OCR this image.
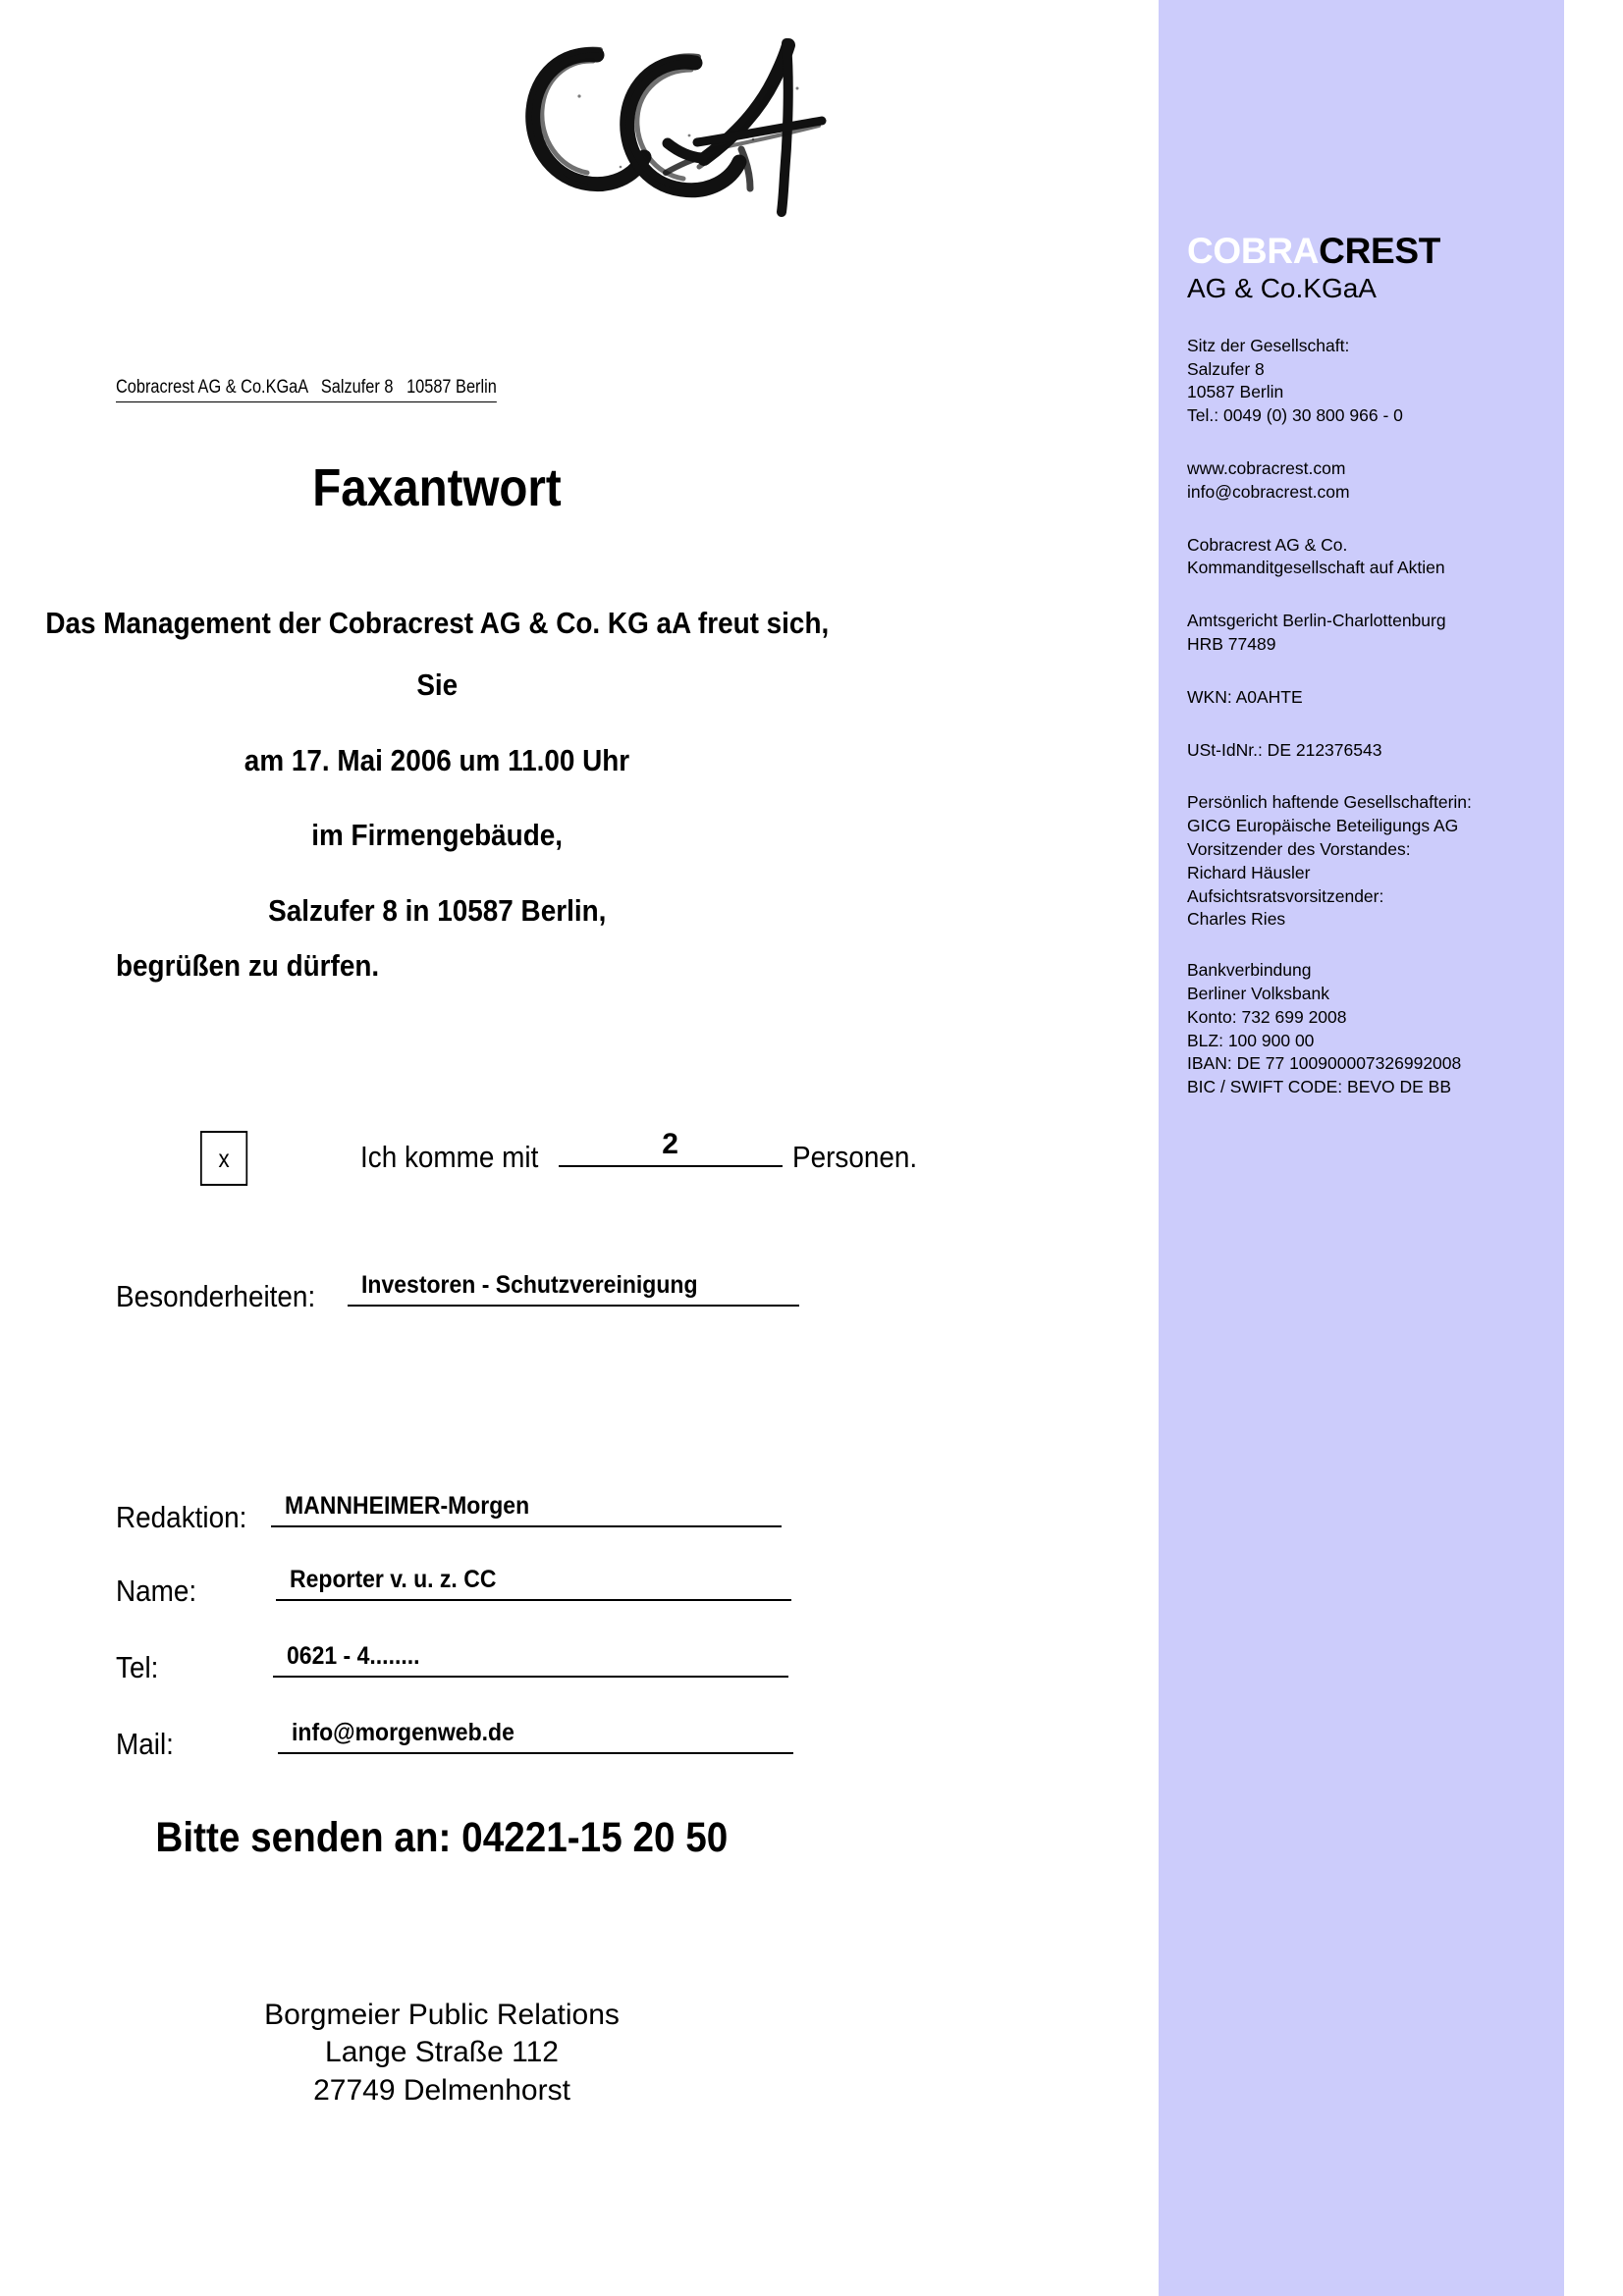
COBRACREST
AG & Co.KGaA
Sitz der Gesellschaft:
Salzufer 8
10587 Berlin
Tel.: 0049 (0) 30 800 966 - 0
www.cobracrest.com
info@cobracrest.com
Cobracrest AG & Co.
Kommanditgesellschaft auf Aktien
Amtsgericht Berlin-Charlottenburg
HRB 77489
WKN: A0AHTE
USt-IdNr.: DE 212376543
Persönlich haftende Gesellschafterin:
GICG Europäische Beteiligungs AG
Vorsitzender des Vorstandes:
Richard Häusler
Aufsichtsratsvorsitzender:
Charles Ries
Bankverbindung
Berliner Volksbank
Konto: 732 699 2008
BLZ: 100 900 00
IBAN: DE 77 100900007326992008
BIC / SWIFT CODE: BEVO DE BB
Cobracrest AG & Co.KGaA   Salzufer 8   10587 Berlin
Faxantwort
Das Management der Cobracrest AG & Co. KG aA freut sich,
Sie
am 17. Mai 2006 um 11.00 Uhr
im Firmengebäude,
Salzufer 8 in 10587 Berlin,
begrüßen zu dürfen.
x	Ich komme mit	2	Personen.
Besonderheiten: Investoren - Schutzvereinigung
Redaktion: MANNHEIMER-Morgen
Name:	Reporter v. u. z. CC
Tel:	0621 - 4........
Mail:	info@morgenweb.de
Bitte senden an: 04221-15 20 50
Borgmeier Public Relations
Lange Straße 112
27749 Delmenhorst
